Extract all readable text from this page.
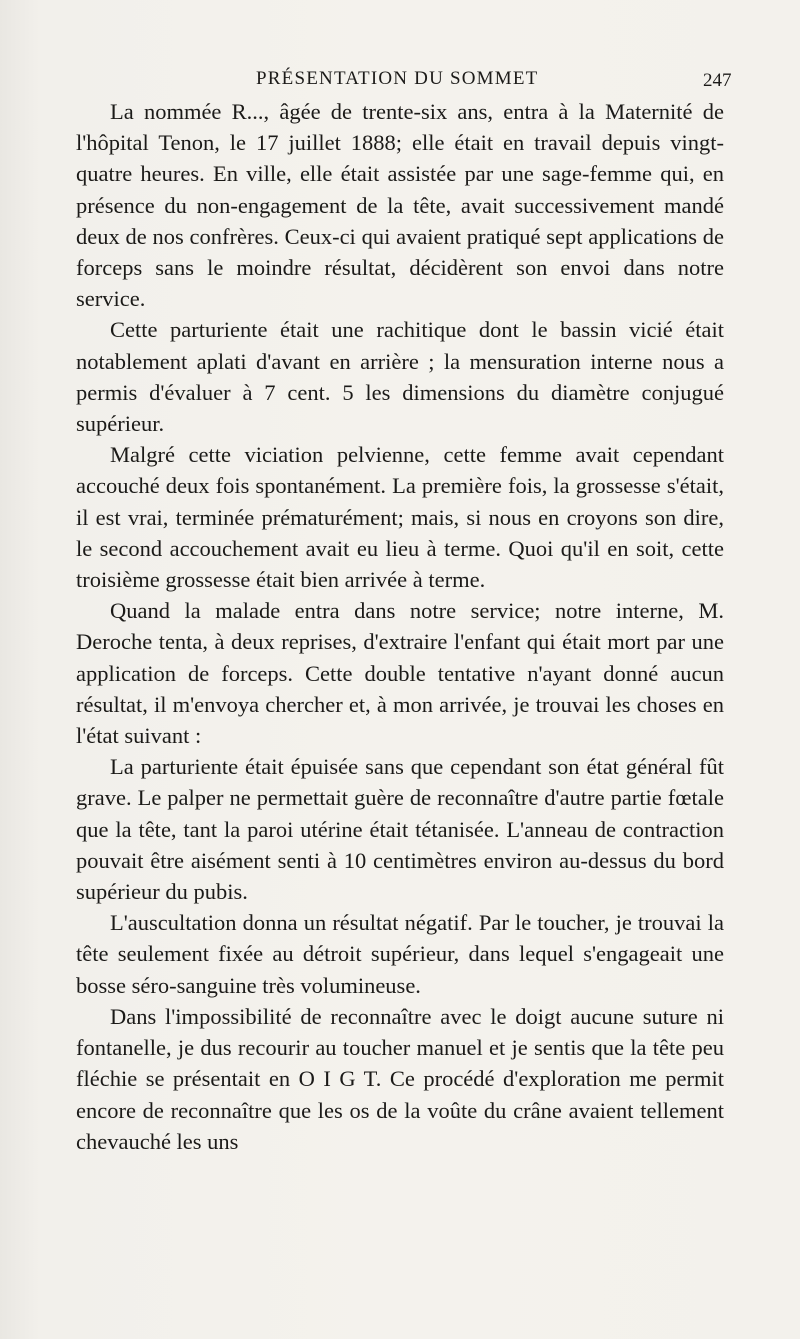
PRÉSENTATION DU SOMMET	247

La nommée R..., âgée de trente-six ans, entra à la Maternité de l'hôpital Tenon, le 17 juillet 1888; elle était en travail depuis vingt-quatre heures. En ville, elle était assistée par une sage-femme qui, en présence du non-engagement de la tête, avait successivement mandé deux de nos confrères. Ceux-ci qui avaient pratiqué sept applications de forceps sans le moindre résultat, décidèrent son envoi dans notre service.

Cette parturiente était une rachitique dont le bassin vicié était notablement aplati d'avant en arrière ; la mensuration interne nous a permis d'évaluer à 7 cent. 5 les dimensions du diamètre conjugué supérieur.

Malgré cette viciation pelvienne, cette femme avait cependant accouché deux fois spontanément. La première fois, la grossesse s'était, il est vrai, terminée prématurément; mais, si nous en croyons son dire, le second accouchement avait eu lieu à terme. Quoi qu'il en soit, cette troisième grossesse était bien arrivée à terme.

Quand la malade entra dans notre service; notre interne, M. Deroche tenta, à deux reprises, d'extraire l'enfant qui était mort par une application de forceps. Cette double tentative n'ayant donné aucun résultat, il m'envoya chercher et, à mon arrivée, je trouvai les choses en l'état suivant :

La parturiente était épuisée sans que cependant son état général fût grave. Le palper ne permettait guère de reconnaître d'autre partie fœtale que la tête, tant la paroi utérine était tétanisée. L'anneau de contraction pouvait être aisément senti à 10 centimètres environ au-dessus du bord supérieur du pubis.

L'auscultation donna un résultat négatif. Par le toucher, je trouvai la tête seulement fixée au détroit supérieur, dans lequel s'engageait une bosse séro-sanguine très volumineuse.

Dans l'impossibilité de reconnaître avec le doigt aucune suture ni fontanelle, je dus recourir au toucher manuel et je sentis que la tête peu fléchie se présentait en O I G T. Ce procédé d'exploration me permit encore de reconnaître que les os de la voûte du crâne avaient tellement chevauché les uns
